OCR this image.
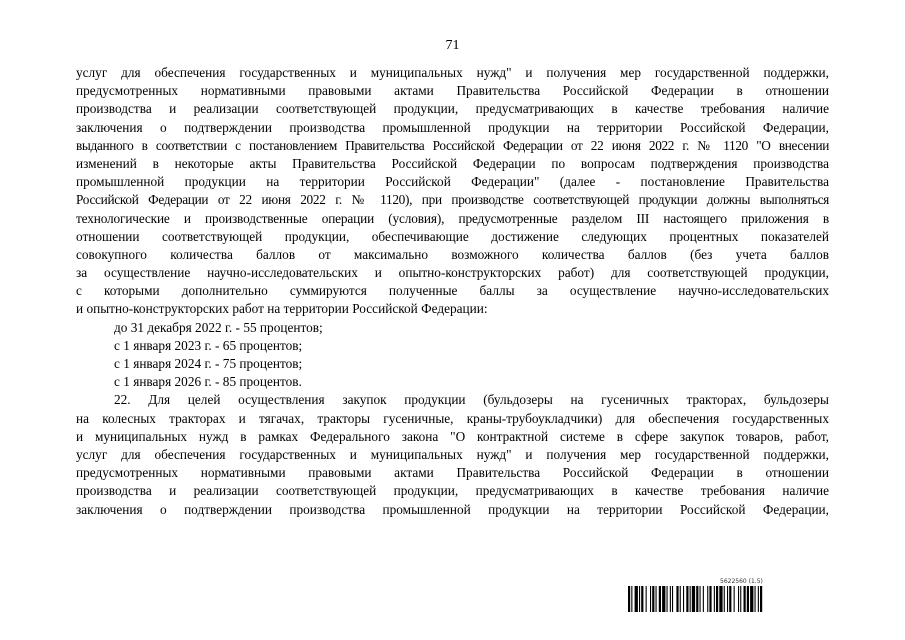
71
услуг для обеспечения государственных и муниципальных нужд" и получения мер государственной поддержки,
предусмотренных нормативными правовыми актами Правительства Российской Федерации в отношении
производства и реализации соответствующей продукции, предусматривающих в качестве требования наличие
заключения о подтверждении производства промышленной продукции на территории Российской Федерации,
выданного в соответствии с постановлением Правительства Российской Федерации от 22 июня 2022 г. № 1120 "О внесении
изменений в некоторые акты Правительства Российской Федерации по вопросам подтверждения производства
промышленной продукции на территории Российской Федерации" (далее - постановление Правительства
Российской Федерации от 22 июня 2022 г. № 1120), при производстве соответствующей продукции должны выполняться
технологические и производственные операции (условия), предусмотренные разделом III настоящего приложения в
отношении соответствующей продукции, обеспечивающие достижение следующих процентных показателей
совокупного количества баллов от максимально возможного количества баллов (без учета баллов
за осуществление научно-исследовательских и опытно-конструкторских работ) для соответствующей продукции,
с которыми дополнительно суммируются полученные баллы за осуществление научно-исследовательских
и опытно-конструкторских работ на территории Российской Федерации:
до 31 декабря 2022 г. - 55 процентов;
с 1 января 2023 г. - 65 процентов;
с 1 января 2024 г. - 75 процентов;
с 1 января 2026 г. - 85 процентов.
22. Для целей осуществления закупок продукции (бульдозеры на гусеничных тракторах, бульдозеры
на колесных тракторах и тягачах, тракторы гусеничные, краны-трубоукладчики) для обеспечения государственных
и муниципальных нужд в рамках Федерального закона "О контрактной системе в сфере закупок товаров, работ,
услуг для обеспечения государственных и муниципальных нужд" и получения мер государственной поддержки,
предусмотренных нормативными правовыми актами Правительства Российской Федерации в отношении
производства и реализации соответствующей продукции, предусматривающих в качестве требования наличие
заключения о подтверждении производства промышленной продукции на территории Российской Федерации,
5622560 (1.5)
